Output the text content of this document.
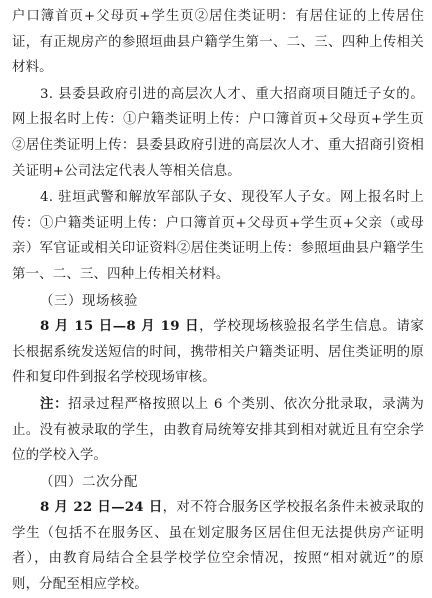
户口簿首页+父母页+学生页②居住类证明：有居住证的上传居住证，有正规房产的参照垣曲县户籍学生第一、二、三、四种上传相关材料。

3. 县委县政府引进的高层次人才、重大招商项目随迁子女的。网上报名时上传：①户籍类证明上传：户口簿首页+父母页+学生页②居住类证明上传：县委县政府引进的高层次人才、重大招商引资相关证明+公司法定代表人等相关信息。

4. 驻垣武警和解放军部队子女、现役军人子女。网上报名时上传：①户籍类证明上传：户口簿首页+父母页+学生页+父亲（或母亲）军官证或相关印证资料②居住类证明上传：参照垣曲县户籍学生第一、二、三、四种上传相关材料。

（三）现场核验

8 月 15 日—8 月 19 日，学校现场核验报名学生信息。请家长根据系统发送短信的时间，携带相关户籍类证明、居住类证明的原件和复印件到报名学校现场审核。

注：招录过程严格按照以上 6 个类别、依次分批录取，录满为止。没有被录取的学生，由教育局统筹安排其到相对就近且有空余学位的学校入学。

（四）二次分配

8 月 22 日—24 日，对不符合服务区学校报名条件未被录取的学生（包括不在服务区、虽在划定服务区居住但无法提供房产证明者），由教育局结合全县学校学位空余情况，按照“相对就近”的原则，分配至相应学校。
